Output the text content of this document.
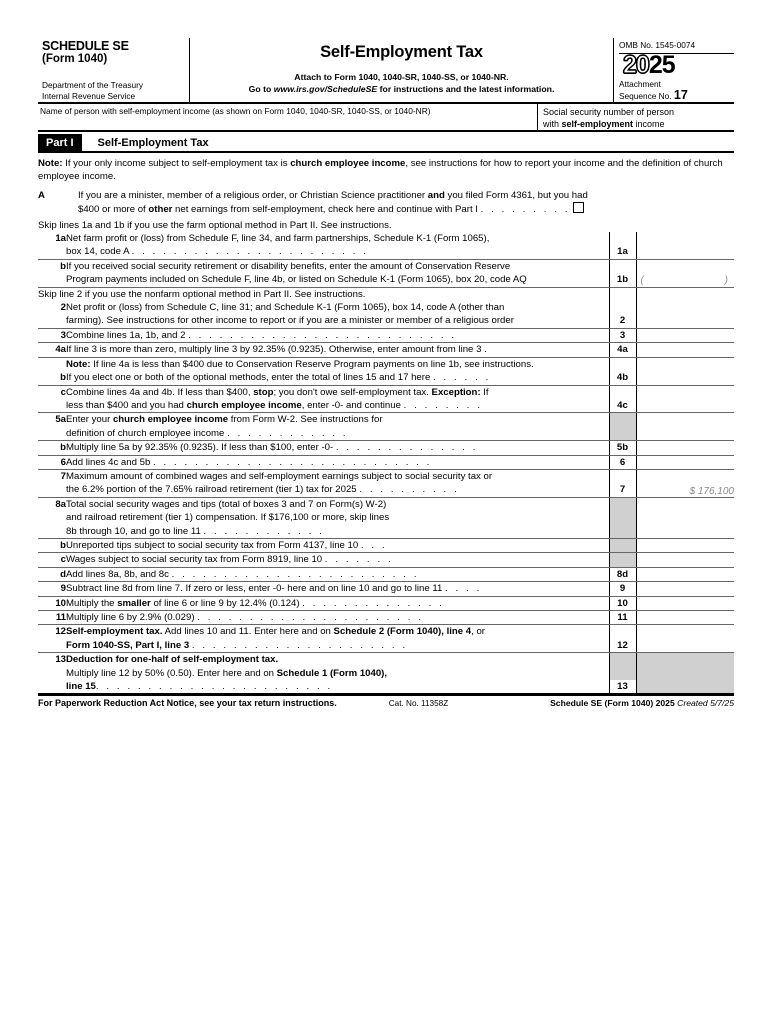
SCHEDULE SE
(Form 1040)
Department of the Treasury
Internal Revenue Service
Self-Employment Tax
Attach to Form 1040, 1040-SR, 1040-SS, or 1040-NR.
Go to www.irs.gov/ScheduleSE for instructions and the latest information.
OMB No. 1545-0074
2025
Attachment
Sequence No. 17
Name of person with self-employment income (as shown on Form 1040, 1040-SR, 1040-SS, or 1040-NR)	Social security number of person
with self-employment income
Part I	Self-Employment Tax
Note: If your only income subject to self-employment tax is church employee income, see instructions for how to report your income and the definition of church employee income.
A	If you are a minister, member of a religious order, or Christian Science practitioner and you filed Form 4361, but you had
$400 or more of other net earnings from self-employment, check here and continue with Part I . . . . . . . . .
Skip lines 1a and 1b if you use the farm optional method in Part II. See instructions.
1a	Net farm profit or (loss) from Schedule F, line 34, and farm partnerships, Schedule K-1 (Form 1065),		
	box 14, code A . . . . . . . . . . . . . . . . . . . . . . .	1a	
b	If you received social security retirement or disability benefits, enter the amount of Conservation Reserve		
	Program payments included on Schedule F, line 4b, or listed on Schedule K-1 (Form 1065), box 20, code AQ	1b	( )

Skip line 2 if you use the nonfarm optional method in Part II. See instructions.			
2	Net profit or (loss) from Schedule C, line 31; and Schedule K-1 (Form 1065), box 14, code A (other than		
	farming). See instructions for other income to report or if you are a minister or member of a religious order	2	
3	Combine lines 1a, 1b, and 2 . . . . . . . . . . . . . . . . . . . . . . . . . .	3	
4a	If line 3 is more than zero, multiply line 3 by 92.35% (0.9235). Otherwise, enter amount from line 3 .	4a	
	Note: If line 4a is less than $400 due to Conservation Reserve Program payments on line 1b, see instructions.		
b	If you elect one or both of the optional methods, enter the total of lines 15 and 17 here . . . . . .	4b	
c	Combine lines 4a and 4b. If less than $400, stop; you don't owe self-employment tax. Exception: If		
	less than $400 and you had church employee income, enter -0- and continue . . . . . . . .	4c	
5a	Enter your church employee income from Form W-2. See instructions for		
	definition of church employee income . . . . . . . . . . . .		
b	Multiply line 5a by 92.35% (0.9235). If less than $100, enter -0- . . . . . . . . . . . . . .	5b	
6	Add lines 4c and 5b . . . . . . . . . . . . . . . . . . . . . . . . . . .	6	
7	Maximum amount of combined wages and self-employment earnings subject to social security tax or		
	the 6.2% portion of the 7.65% railroad retirement (tier 1) tax for 2025 . . . . . . . . . .	7	$ 176,100
8a	Total social security wages and tips (total of boxes 3 and 7 on Form(s) W-2)		
	and railroad retirement (tier 1) compensation. If $176,100 or more, skip lines		
	8b through 10, and go to line 11 . . . . . . . . . . . .		
b	Unreported tips subject to social security tax from Form 4137, line 10 . . .		
c	Wages subject to social security tax from Form 8919, line 10 . . . . . . .		
d	Add lines 8a, 8b, and 8c . . . . . . . . . . . . . . . . . . . . . . . .	8d	
9	Subtract line 8d from line 7. If zero or less, enter -0- here and on line 10 and go to line 11 . . . .	9	
10	Multiply the smaller of line 6 or line 9 by 12.4% (0.124) . . . . . . . . . . . . . .	10	
11	Multiply line 6 by 2.9% (0.029) . . . . . . . . . . . . . . . . . . . . . .	11	
12	Self-employment tax. Add lines 10 and 11. Enter here and on Schedule 2 (Form 1040), line 4, or		
	Form 1040-SS, Part I, line 3 . . . . . . . . . . . . . . . . . . . . .	12	
13	Deduction for one-half of self-employment tax.		
	Multiply line 12 by 50% (0.50). Enter here and on Schedule 1 (Form 1040),		
	line 15. . . . . . . . . . . . . . . . . . . . . . .	13	
For Paperwork Reduction Act Notice, see your tax return instructions.	Cat. No. 11358Z	Schedule SE (Form 1040) 2025 Created 5/7/25
